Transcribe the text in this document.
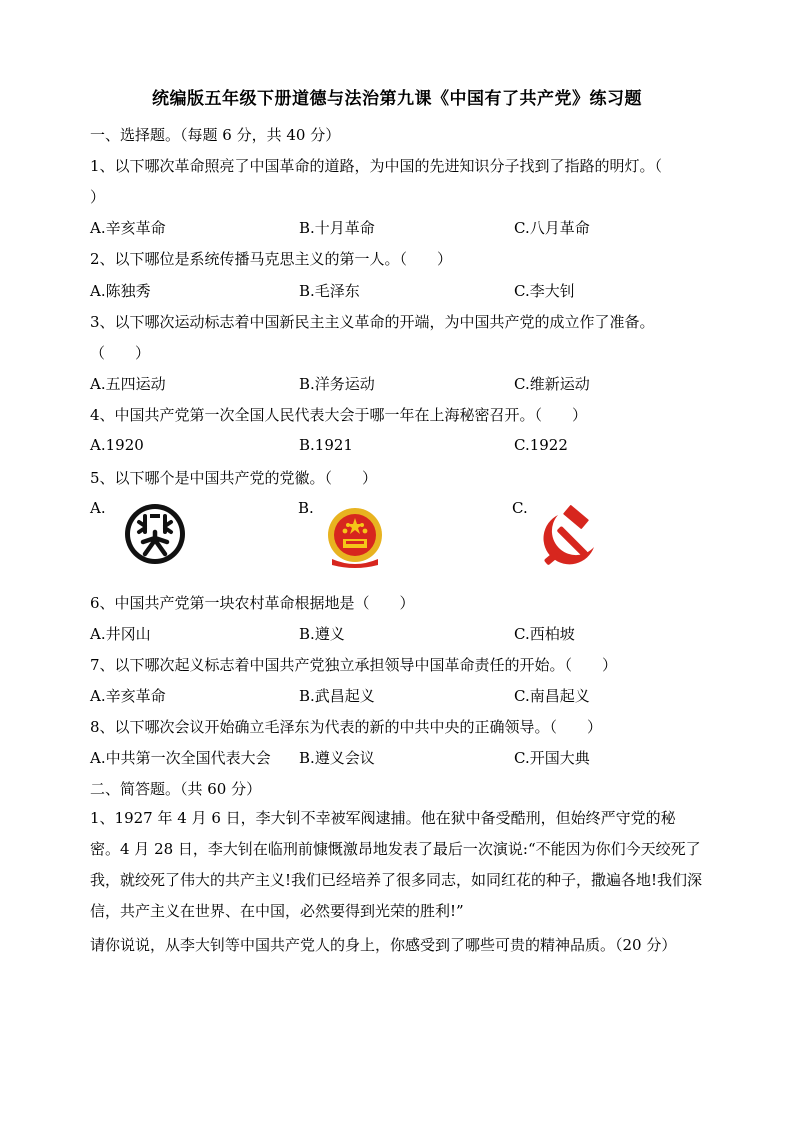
统编版五年级下册道德与法治第九课《中国有了共产党》练习题
一、选择题。（每题 6 分，共 40 分）
1、以下哪次革命照亮了中国革命的道路，为中国的先进知识分子找到了指路的明灯。（
）
A.辛亥革命	B.十月革命	C.八月革命
2、以下哪位是系统传播马克思主义的第一人。（　　）
A.陈独秀	B.毛泽东	C.李大钊
3、以下哪次运动标志着中国新民主主义革命的开端，为中国共产党的成立作了准备。
（　　）
A.五四运动	B.洋务运动	C.维新运动
4、中国共产党第一次全国人民代表大会于哪一年在上海秘密召开。（　　）
A.1920	B.1921	C.1922
5、以下哪个是中国共产党的党徽。（　　）
A.	B.	C.
6、中国共产党第一块农村革命根据地是（　　）
A.井冈山	B.遵义	C.西柏坡
7、以下哪次起义标志着中国共产党独立承担领导中国革命责任的开始。（　　）
A.辛亥革命	B.武昌起义	C.南昌起义
8、以下哪次会议开始确立毛泽东为代表的新的中共中央的正确领导。（　　）
A.中共第一次全国代表大会 B.遵义会议	C.开国大典
二、简答题。（共 60 分）
1、1927 年 4 月 6 日，李大钊不幸被军阀逮捕。他在狱中备受酷刑，但始终严守党的秘密。4 月 28 日，李大钊在临刑前慷慨激昂地发表了最后一次演说:“不能因为你们今天绞死了我，就绞死了伟大的共产主义!我们已经培养了很多同志，如同红花的种子，撒遍各地!我们深信，共产主义在世界、在中国，必然要得到光荣的胜利!”
请你说说，从李大钊等中国共产党人的身上，你感受到了哪些可贵的精神品质。（20 分）
